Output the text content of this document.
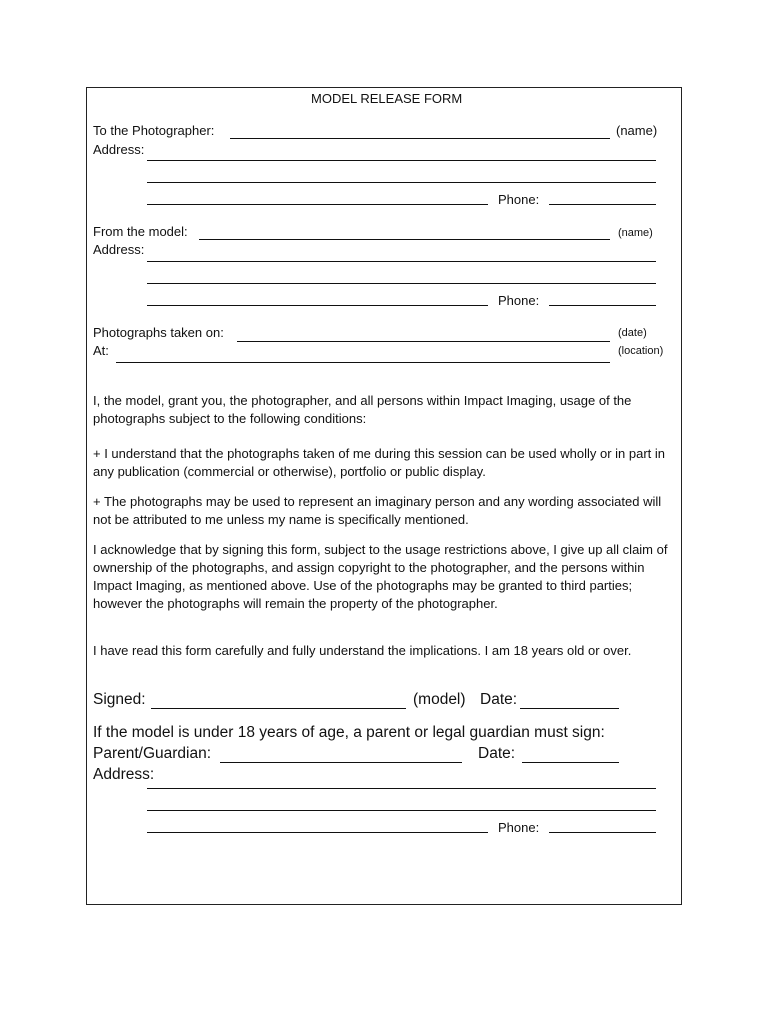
MODEL RELEASE FORM
To the Photographer:	(name)
Address:
Phone:
From the model:	(name)
Address:
Phone:
Photographs taken on:	(date)
At:	(location)
I, the model, grant you, the photographer, and all persons within Impact Imaging, usage of the photographs subject to the following conditions:
+ I understand that the photographs taken of me during this session can be used wholly or in part in any publication (commercial or otherwise), portfolio or public display.
+ The photographs may be used to represent an imaginary person and any wording associated will not be attributed to me unless my name is specifically mentioned.
I acknowledge that by signing this form, subject to the usage restrictions above, I give up all claim of ownership of the photographs, and assign copyright to the photographer, and the persons within Impact Imaging, as mentioned above. Use of the photographs may be granted to third parties; however the photographs will remain the property of the photographer.
I have read this form carefully and fully understand the implications. I am 18 years old or over.
Signed:	(model) Date:
If the model is under 18 years of age, a parent or legal guardian must sign:
Parent/Guardian:	Date:
Address:
Phone:
